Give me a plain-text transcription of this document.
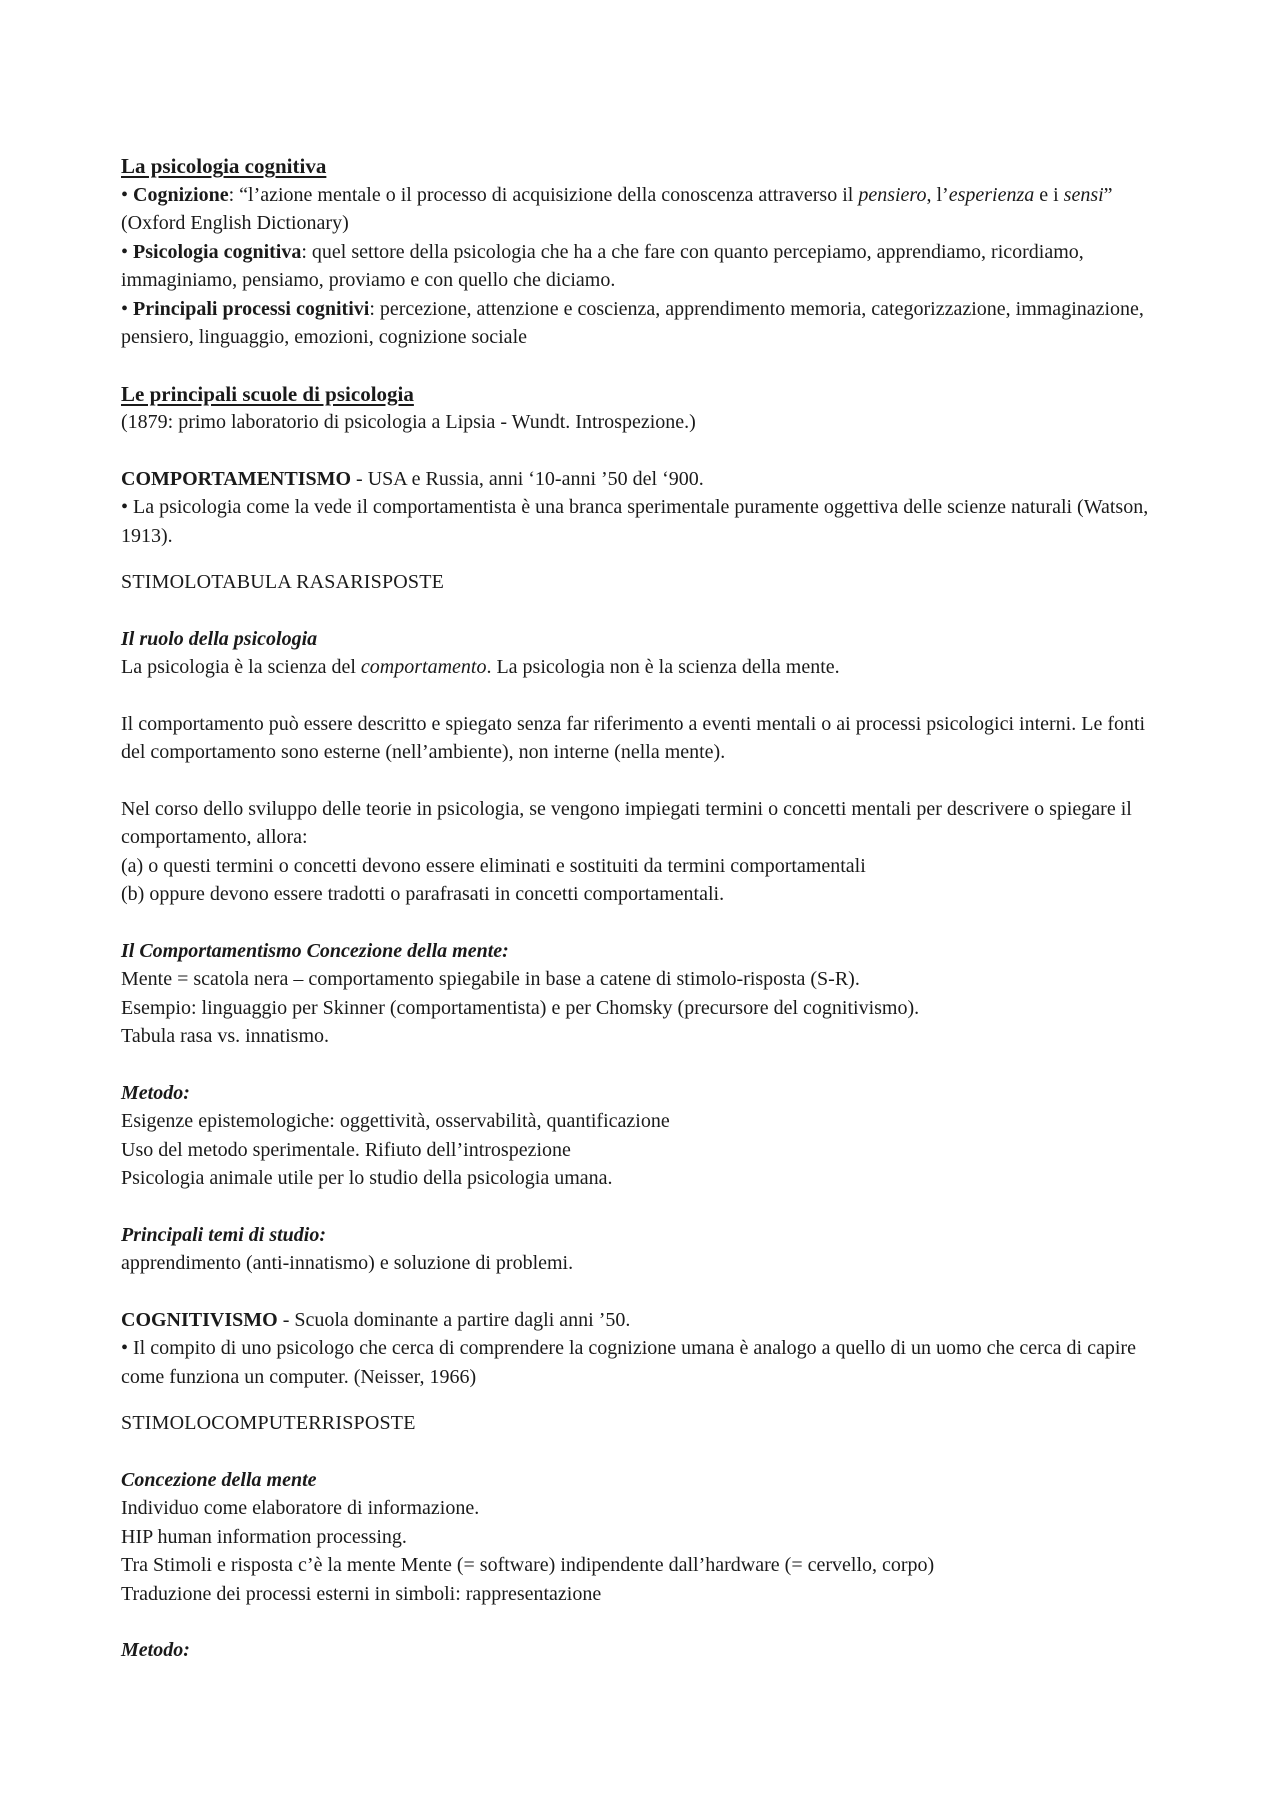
La psicologia cognitiva

• Cognizione: “l’azione mentale o il processo di acquisizione della conoscenza attraverso il pensiero, l’esperienza e i sensi” (Oxford English Dictionary)

• Psicologia cognitiva: quel settore della psicologia che ha a che fare con quanto percepiamo, apprendiamo, ricordiamo, immaginiamo, pensiamo, proviamo e con quello che diciamo.

• Principali processi cognitivi: percezione, attenzione e coscienza, apprendimento memoria, categorizzazione, immaginazione, pensiero, linguaggio, emozioni, cognizione sociale

Le principali scuole di psicologia

(1879: primo laboratorio di psicologia a Lipsia - Wundt. Introspezione.)

COMPORTAMENTISMO - USA e Russia, anni ‘10-anni ’50 del ‘900.

• La psicologia come la vede il comportamentista è una branca sperimentale puramente oggettiva delle scienze naturali (Watson, 1913).

STIMOLOTABULA RASARISPOSTE

Il ruolo della psicologia

La psicologia è la scienza del comportamento. La psicologia non è la scienza della mente.

Il comportamento può essere descritto e spiegato senza far riferimento a eventi mentali o ai processi psicologici interni. Le fonti del comportamento sono esterne (nell’ambiente), non interne (nella mente).

Nel corso dello sviluppo delle teorie in psicologia, se vengono impiegati termini o concetti mentali per descrivere o spiegare il comportamento, allora:

(a) o questi termini o concetti devono essere eliminati e sostituiti da termini comportamentali

(b) oppure devono essere tradotti o parafrasati in concetti comportamentali.

Il Comportamentismo Concezione della mente:

Mente = scatola nera – comportamento spiegabile in base a catene di stimolo-risposta (S-R).

Esempio: linguaggio per Skinner (comportamentista) e per Chomsky (precursore del cognitivismo).

Tabula rasa vs. innatismo.

Metodo:

Esigenze epistemologiche: oggettività, osservabilità, quantificazione

Uso del metodo sperimentale. Rifiuto dell’introspezione

Psicologia animale utile per lo studio della psicologia umana.

Principali temi di studio:

apprendimento (anti-innatismo) e soluzione di problemi.

COGNITIVISMO - Scuola dominante a partire dagli anni ’50.

• Il compito di uno psicologo che cerca di comprendere la cognizione umana è analogo a quello di un uomo che cerca di capire come funziona un computer. (Neisser, 1966)

STIMOLOCOMPUTERRISPOSTE

Concezione della mente

Individuo come elaboratore di informazione.

HIP human information processing.

Tra Stimoli e risposta c’è la mente Mente (= software) indipendente dall’hardware (= cervello, corpo)

Traduzione dei processi esterni in simboli: rappresentazione

Metodo:
